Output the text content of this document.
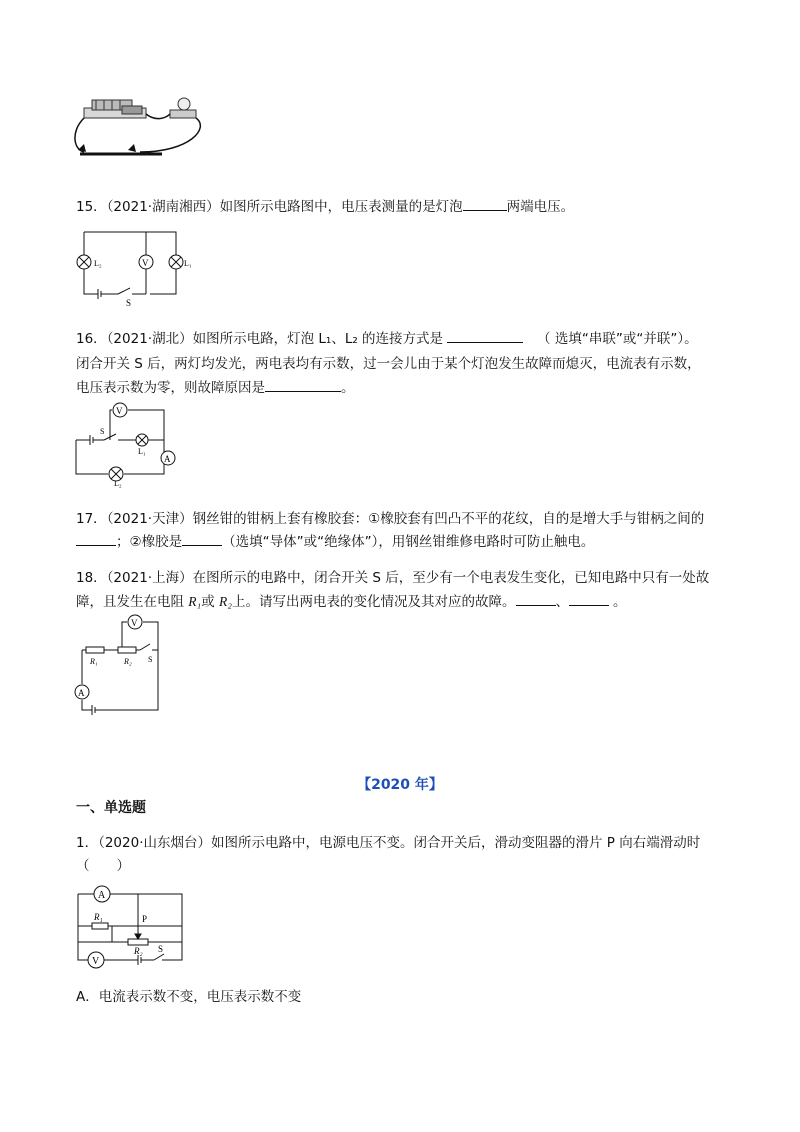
15．（2021·湖南湘西）如图所示电路图中，电压表测量的是灯泡	两端电压。
L₂	V	L₁
S
16．（2021·湖北）如图所示电路，灯泡 L₁、L₂ 的连接方式是	（ 选填“串联”或“并联”）。
闭合开关 S 后，两灯均发光，两电表均有示数，过一会儿由于某个灯泡发生故障而熄灭，电流表有示数，
电压表示数为零，则故障原因是	。
V
S
L₁
A
L₂
17．（2021·天津）钢丝钳的钳柄上套有橡胶套：①橡胶套有凹凸不平的花纹，自的是增大手与钳柄之间的
；②橡胶是	（选填“导体”或“绝缘体”），用钢丝钳维修电路时可防止触电。
18．（2021·上海）在图所示的电路中，闭合开关 S 后，至少有一个电表发生变化，已知电路中只有一处故
障，且发生在电阻 R₁或 R₂上。请写出两电表的变化情况及其对应的故障。	、	。
V
R₁	R₂ S
A
【2020 年】
一、单选题
1．（2020·山东烟台）如图所示电路中，电源电压不变。闭合开关后，滑动变阻器的滑片 P 向右端滑动时
（　　）
A
R₁	P
R₂ S
V
A．电流表示数不变，电压表示数不变
